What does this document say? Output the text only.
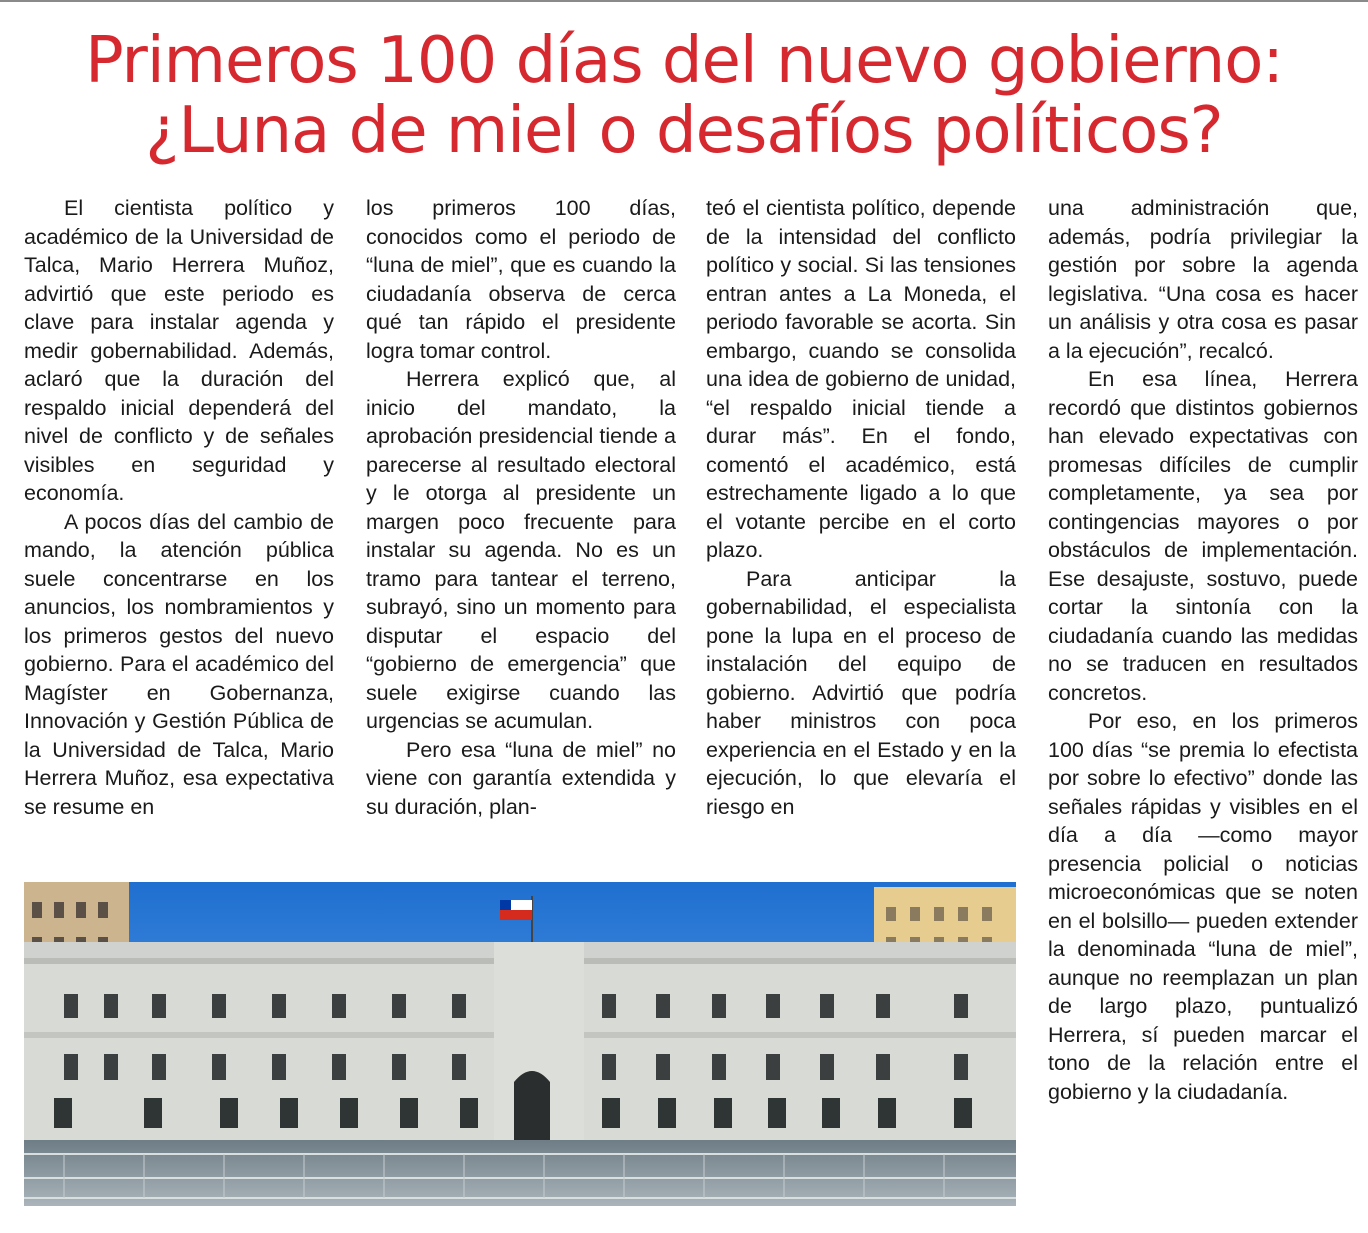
Primeros 100 días del nuevo gobierno:
¿Luna de miel o desafíos políticos?

El cientista político y académico de la Universidad de Talca, Mario Herrera Muñoz, advirtió que este periodo es clave para instalar agenda y medir gobernabilidad. Además, aclaró que la duración del respaldo inicial dependerá del nivel de conflicto y de señales visibles en seguridad y economía.

A pocos días del cambio de mando, la atención pública suele concentrarse en los anuncios, los nombramientos y los primeros gestos del nuevo gobierno. Para el académico del Magíster en Gobernanza, Innovación y Gestión Pública de la Universidad de Talca, Mario Herrera Muñoz, esa expectativa se resume en

los primeros 100 días, conocidos como el periodo de “luna de miel”, que es cuando la ciudadanía observa de cerca qué tan rápido el presidente logra tomar control.

Herrera explicó que, al inicio del mandato, la aprobación presidencial tiende a parecerse al resultado electoral y le otorga al presidente un margen poco frecuente para instalar su agenda. No es un tramo para tantear el terreno, subrayó, sino un momento para disputar el espacio del “gobierno de emergencia” que suele exigirse cuando las urgencias se acumulan.

Pero esa “luna de miel” no viene con garantía extendida y su duración, plan-

teó el cientista político, depende de la intensidad del conflicto político y social. Si las tensiones entran antes a La Moneda, el periodo favorable se acorta. Sin embargo, cuando se consolida una idea de gobierno de unidad, “el respaldo inicial tiende a durar más”. En el fondo, comentó el académico, está estrechamente ligado a lo que el votante percibe en el corto plazo.

Para anticipar la gobernabilidad, el especialista pone la lupa en el proceso de instalación del equipo de gobierno. Advirtió que podría haber ministros con poca experiencia en el Estado y en la ejecución, lo que elevaría el riesgo en

una administración que, además, podría privilegiar la gestión por sobre la agenda legislativa. “Una cosa es hacer un análisis y otra cosa es pasar a la ejecución”, recalcó.

En esa línea, Herrera recordó que distintos gobiernos han elevado expectativas con promesas difíciles de cumplir completamente, ya sea por contingencias mayores o por obstáculos de implementación. Ese desajuste, sostuvo, puede cortar la sintonía con la ciudadanía cuando las medidas no se traducen en resultados concretos.

Por eso, en los primeros 100 días “se premia lo efectista por sobre lo efectivo” donde las señales rápidas y visibles en el día a día —como mayor presencia policial o noticias microeconómicas que se noten en el bolsillo— pueden extender la denominada “luna de miel”, aunque no reemplazan un plan de largo plazo, puntualizó Herrera, sí pueden marcar el tono de la relación entre el gobierno y la ciudadanía.
